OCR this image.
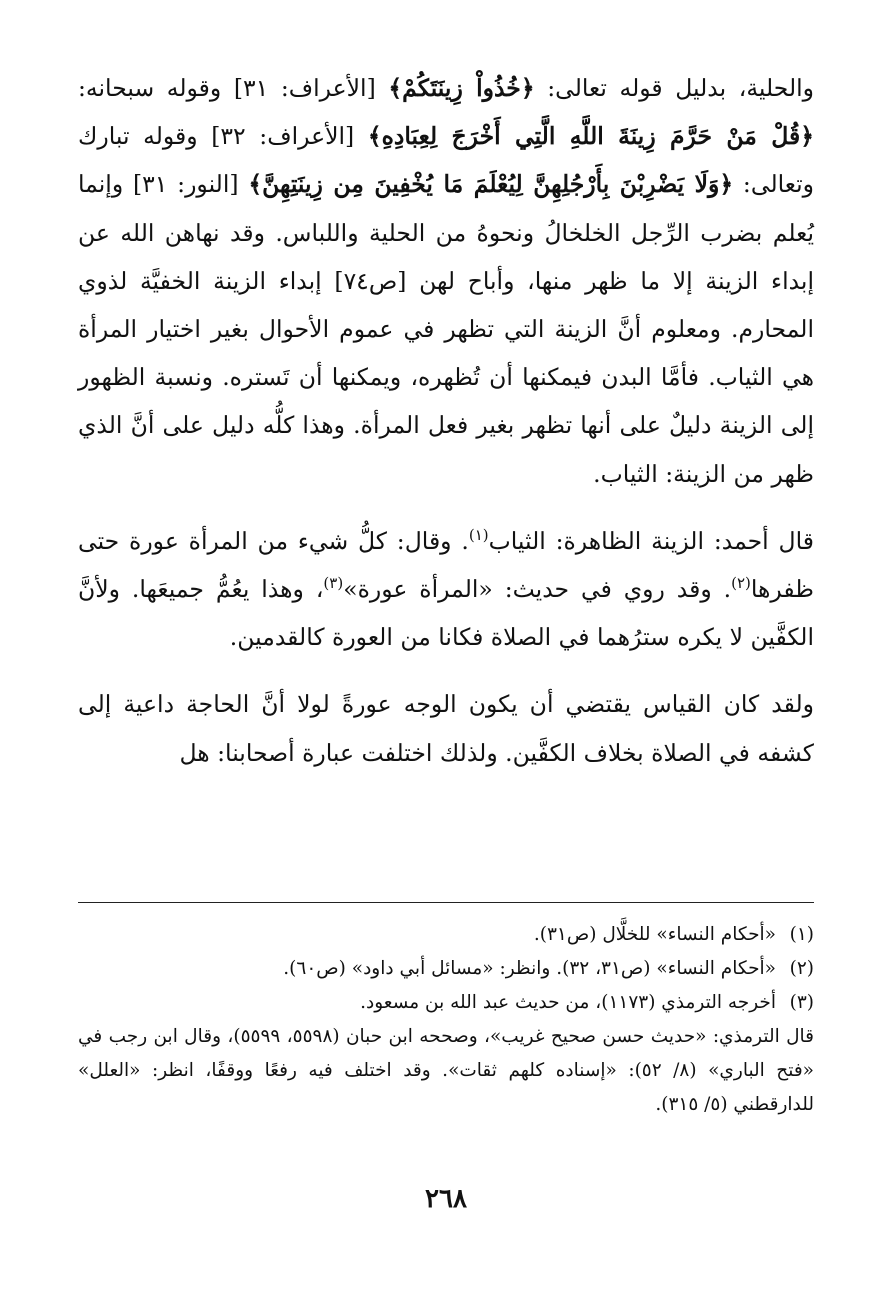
والحلية، بدليل قوله تعالى: ﴿خُذُواْ زِينَتَكُمْ﴾ [الأعراف: ٣١] وقوله سبحانه: ﴿قُلْ مَنْ حَرَّمَ زِينَةَ اللَّهِ الَّتِي أَخْرَجَ لِعِبَادِهِ﴾ [الأعراف: ٣٢] وقوله تبارك وتعالى: ﴿وَلَا يَضْرِبْنَ بِأَرْجُلِهِنَّ لِيُعْلَمَ مَا يُخْفِينَ مِن زِينَتِهِنَّ﴾ [النور: ٣١] وإنما يُعلم بضرب الرِّجل الخلخالُ ونحوهُ من الحلية واللباس. وقد نهاهن الله عن إبداء الزينة إلا ما ظهر منها، وأباح لهن [ص٧٤] إبداء الزينة الخفيَّة لذوي المحارم. ومعلوم أنَّ الزينة التي تظهر في عموم الأحوال بغير اختيار المرأة هي الثياب. فأمَّا البدن فيمكنها أن تُظهره، ويمكنها أن تَستره. ونسبة الظهور إلى الزينة دليلٌ على أنها تظهر بغير فعل المرأة. وهذا كلُّه دليل على أنَّ الذي ظهر من الزينة: الثياب.

قال أحمد: الزينة الظاهرة: الثياب$^{(١)}$. وقال: كلُّ شيء من المرأة عورة حتى ظفرها$^{(٢)}$. وقد روي في حديث: «المرأة عورة»$^{(٣)}$، وهذا يعُمُّ جميعَها. ولأنَّ الكفَّين لا يكره سترُهما في الصلاة فكانا من العورة كالقدمين.

ولقد كان القياس يقتضي أن يكون الوجه عورةً لولا أنَّ الحاجة داعية إلى كشفه في الصلاة بخلاف الكفَّين. ولذلك اختلفت عبارة أصحابنا: هل

(١)
«أحكام النساء» للخلَّال (ص٣١).
(٢)
«أحكام النساء» (ص٣١، ٣٢). وانظر: «مسائل أبي داود» (ص٦٠).
(٣)
أخرجه الترمذي (١١٧٣)، من حديث عبد الله بن مسعود.
قال الترمذي: «حديث حسن صحيح غريب»، وصححه ابن حبان (٥٥٩٨، ٥٥٩٩)، وقال ابن رجب في «فتح الباري» (٨/ ٥٢): «إسناده كلهم ثقات». وقد اختلف فيه رفعًا ووقفًا، انظر: «العلل» للدارقطني (٥/ ٣١٥).
٢٦٨
